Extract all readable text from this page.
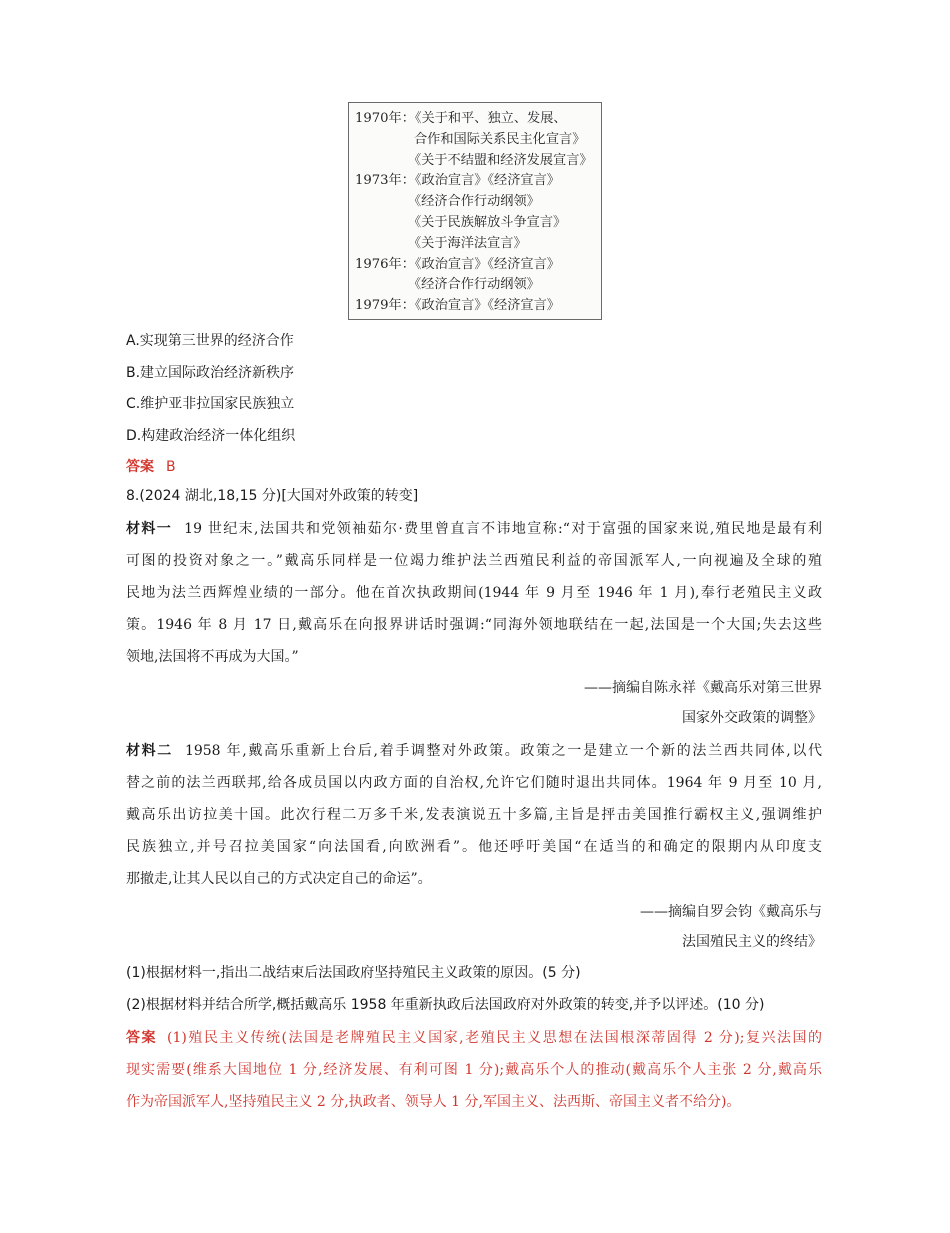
1970年：《关于和平、独立、发展、
合作和国际关系民主化宣言》
《关于不结盟和经济发展宣言》
1973年：《政治宣言》《经济宣言》
《经济合作行动纲领》
《关于民族解放斗争宣言》
《关于海洋法宣言》
1976年：《政治宣言》《经济宣言》
《经济合作行动纲领》
1979年：《政治宣言》《经济宣言》
A.实现第三世界的经济合作
B.建立国际政治经济新秩序
C.维护亚非拉国家民族独立
D.构建政治经济一体化组织
答案 B
8.(2024 湖北,18,15 分)[大国对外政策的转变]
材料一 19 世纪末,法国共和党领袖茹尔·费里曾直言不讳地宣称:“对于富强的国家来说,殖民地是最有利
可图的投资对象之一。”戴高乐同样是一位竭力维护法兰西殖民利益的帝国派军人,一向视遍及全球的殖
民地为法兰西辉煌业绩的一部分。他在首次执政期间(1944 年 9 月至 1946 年 1 月),奉行老殖民主义政
策。1946 年 8 月 17 日,戴高乐在向报界讲话时强调:“同海外领地联结在一起,法国是一个大国;失去这些
领地,法国将不再成为大国。”
——摘编自陈永祥《戴高乐对第三世界
国家外交政策的调整》
材料二 1958 年,戴高乐重新上台后,着手调整对外政策。政策之一是建立一个新的法兰西共同体,以代
替之前的法兰西联邦,给各成员国以内政方面的自治权,允许它们随时退出共同体。1964 年 9 月至 10 月,
戴高乐出访拉美十国。此次行程二万多千米,发表演说五十多篇,主旨是抨击美国推行霸权主义,强调维护
民族独立,并号召拉美国家“向法国看,向欧洲看”。他还呼吁美国“在适当的和确定的限期内从印度支
那撤走,让其人民以自己的方式决定自己的命运”。
——摘编自罗会钧《戴高乐与
法国殖民主义的终结》
(1)根据材料一,指出二战结束后法国政府坚持殖民主义政策的原因。(5 分)
(2)根据材料并结合所学,概括戴高乐 1958 年重新执政后法国政府对外政策的转变,并予以评述。(10 分)
答案 (1)殖民主义传统(法国是老牌殖民主义国家,老殖民主义思想在法国根深蒂固得 2 分);复兴法国的
现实需要(维系大国地位 1 分,经济发展、有利可图 1 分);戴高乐个人的推动(戴高乐个人主张 2 分,戴高乐
作为帝国派军人,坚持殖民主义 2 分,执政者、领导人 1 分,军国主义、法西斯、帝国主义者不给分)。
